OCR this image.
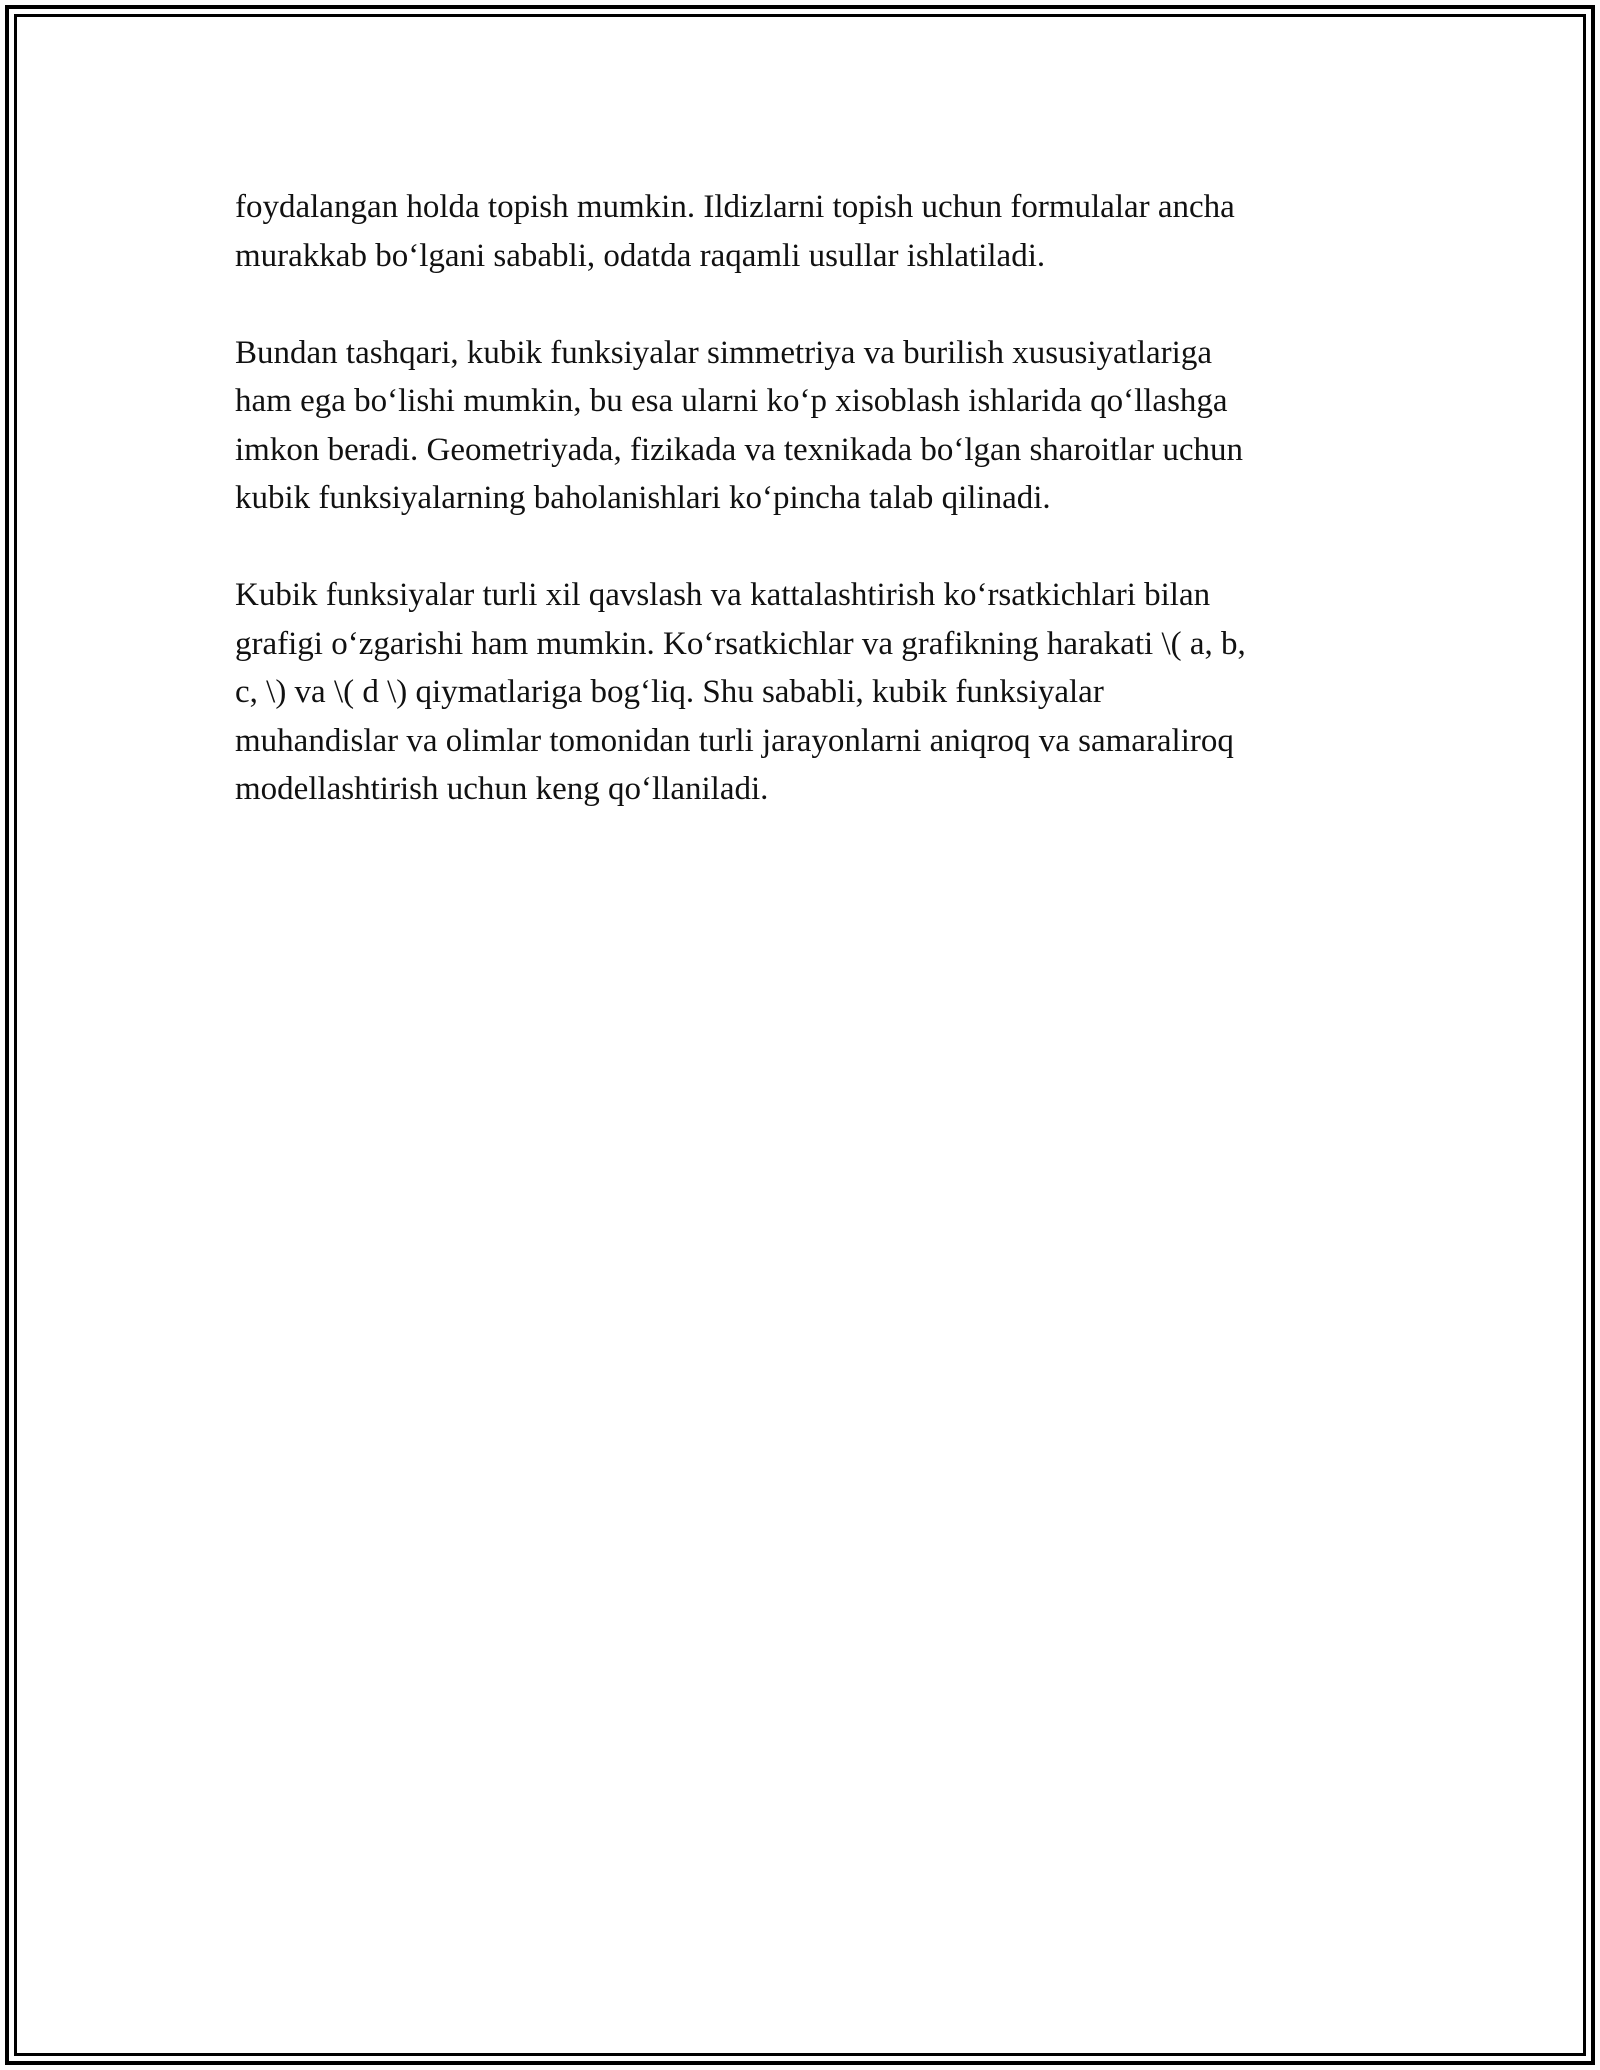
foydalangan holda topish mumkin. Ildizlarni topish uchun formulalar ancha
murakkab bo‘lgani sababli, odatda raqamli usullar ishlatiladi.

Bundan tashqari, kubik funksiyalar simmetriya va burilish xususiyatlariga
ham ega bo‘lishi mumkin, bu esa ularni ko‘p xisoblash ishlarida qo‘llashga
imkon beradi. Geometriyada, fizikada va texnikada bo‘lgan sharoitlar uchun
kubik funksiyalarning baholanishlari ko‘pincha talab qilinadi.

Kubik funksiyalar turli xil qavslash va kattalashtirish ko‘rsatkichlari bilan
grafigi o‘zgarishi ham mumkin. Ko‘rsatkichlar va grafikning harakati \( a, b,
c, \) va \( d \) qiymatlariga bog‘liq. Shu sababli, kubik funksiyalar
muhandislar va olimlar tomonidan turli jarayonlarni aniqroq va samaraliroq
modellashtirish uchun keng qo‘llaniladi.
